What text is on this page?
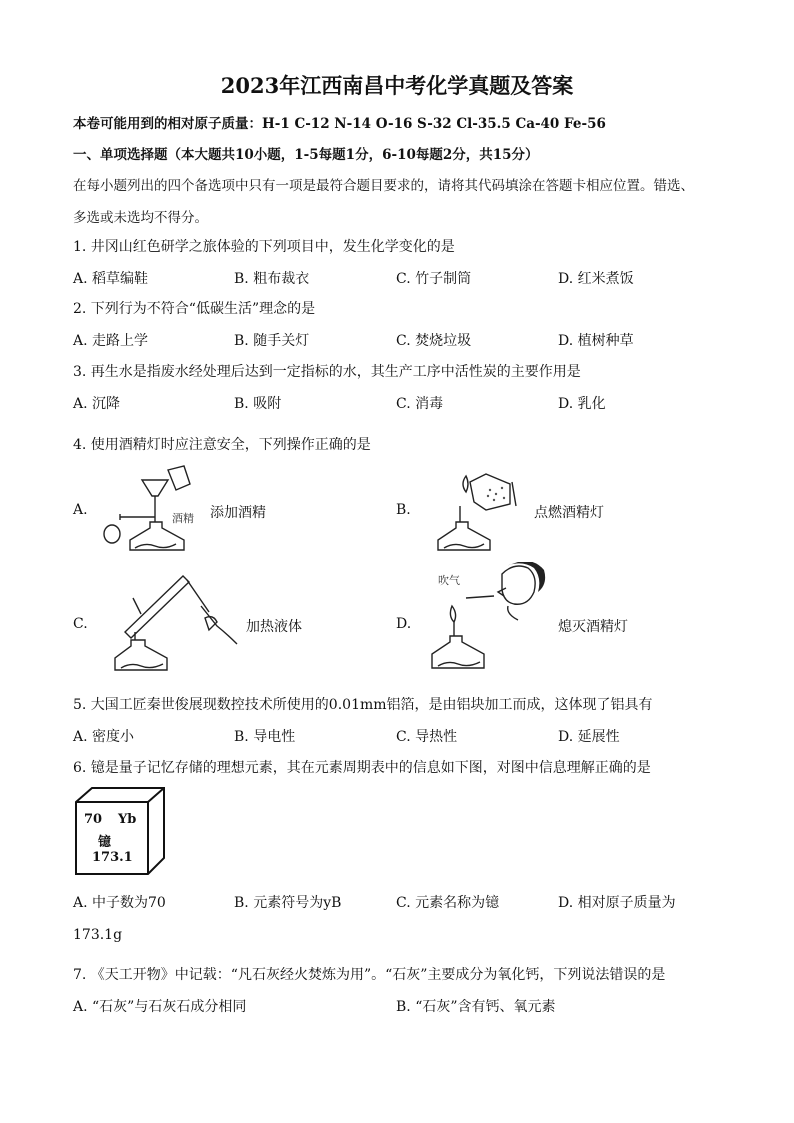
2023年江西南昌中考化学真题及答案
本卷可能用到的相对原子质量：H-1 C-12 N-14 O-16 S-32 Cl-35.5 Ca-40 Fe-56
一、单项选择题（本大题共10小题，1-5每题1分，6-10每题2分，共15分）
在每小题列出的四个备选项中只有一项是最符合题目要求的，请将其代码填涂在答题卡相应位置。错选、
多选或未选均不得分。
1. 井冈山红色研学之旅体验的下列项目中，发生化学变化的是
A. 稻草编鞋	B. 粗布裁衣	C. 竹子制筒	D. 红米煮饭
2. 下列行为不符合“低碳生活”理念的是
A. 走路上学	B. 随手关灯	C. 焚烧垃圾	D. 植树种草
3. 再生水是指废水经处理后达到一定指标的水，其生产工序中活性炭的主要作用是
A. 沉降	B. 吸附	C. 消毒	D. 乳化
4. 使用酒精灯时应注意安全，下列操作正确的是
A.	添加酒精	B.	点燃酒精灯
C.	加热液体	D.	熄灭酒精灯
酒精
吹气
5. 大国工匠秦世俊展现数控技术所使用的0.01mm铝箔，是由铝块加工而成，这体现了铝具有
A. 密度小	B. 导电性	C. 导热性	D. 延展性
6. 镱是量子记忆存储的理想元素，其在元素周期表中的信息如下图，对图中信息理解正确的是
70 Yb
镱
173.1
A. 中子数为70	B. 元素符号为yB	C. 元素名称为镱	D. 相对原子质量为
173.1g
7. 《天工开物》中记载：“凡石灰经火焚炼为用”。“石灰”主要成分为氧化钙，下列说法错误的是
A. “石灰”与石灰石成分相同	B. “石灰”含有钙、氧元素
